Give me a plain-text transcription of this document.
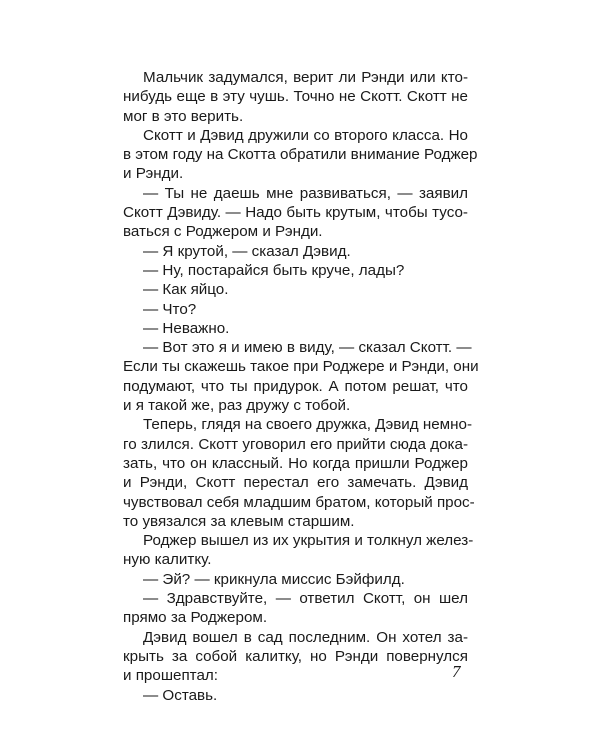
Мальчик задумался, верит ли Рэнди или кто-
нибудь еще в эту чушь. Точно не Скотт. Скотт не
мог в это верить.
Скотт и Дэвид дружили со второго класса. Но
в этом году на Скотта обратили внимание Роджер
и Рэнди.
— Ты не даешь мне развиваться, — заявил
Скотт Дэвиду. — Надо быть крутым, чтобы тусо-
ваться с Роджером и Рэнди.
— Я крутой, — сказал Дэвид.
— Ну, постарайся быть круче, лады?
— Как яйцо.
— Что?
— Неважно.
— Вот это я и имею в виду, — сказал Скотт. —
Если ты скажешь такое при Роджере и Рэнди, они
подумают, что ты придурок. А потом решат, что
и я такой же, раз дружу с тобой.
Теперь, глядя на своего дружка, Дэвид немно-
го злился. Скотт уговорил его прийти сюда дока-
зать, что он классный. Но когда пришли Роджер
и Рэнди, Скотт перестал его замечать. Дэвид
чувствовал себя младшим братом, который прос-
то увязался за клевым старшим.
Роджер вышел из их укрытия и толкнул желез-
ную калитку.
— Эй? — крикнула миссис Бэйфилд.
— Здравствуйте, — ответил Скотт, он шел
прямо за Роджером.
Дэвид вошел в сад последним. Он хотел за-
крыть за собой калитку, но Рэнди повернулся
и прошептал:
— Оставь.
7
